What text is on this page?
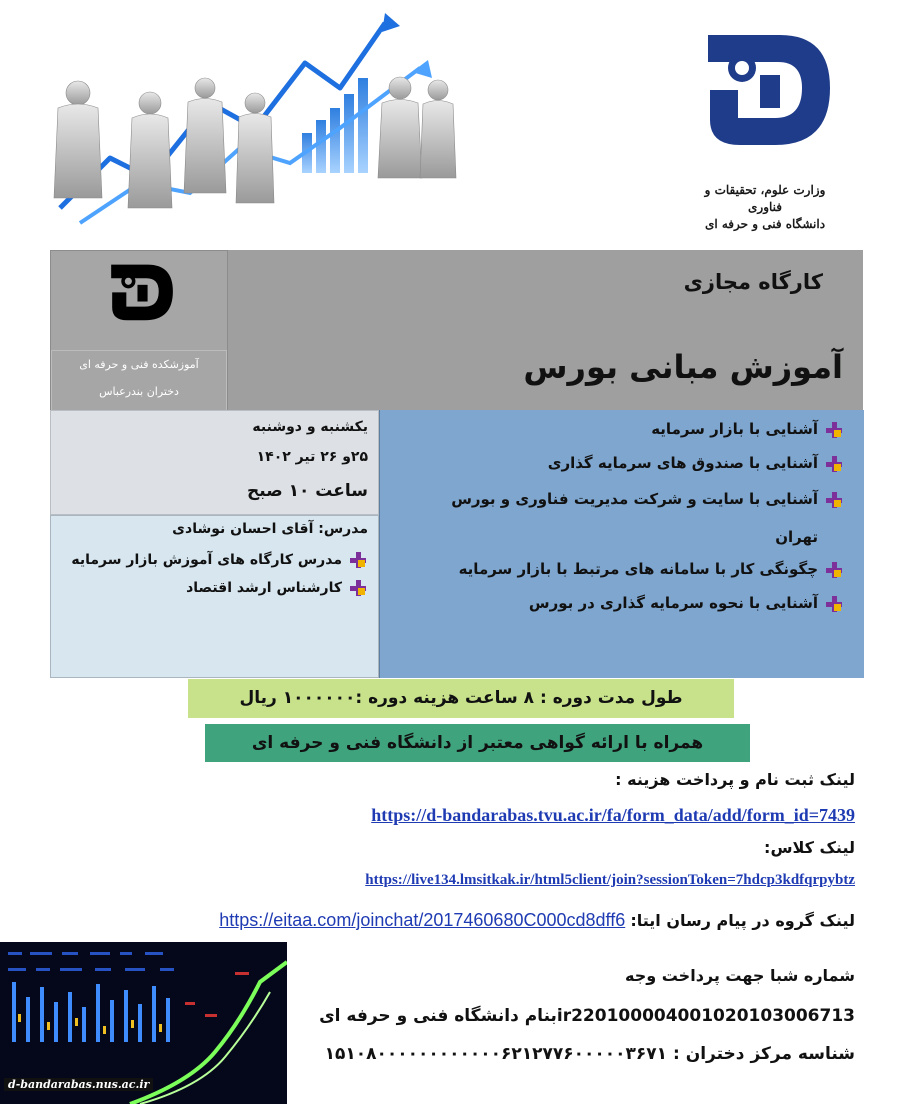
وزارت علوم، تحقیقات و فناوری
دانشگاه فنی و حرفه ای
کارگاه مجازی
آموزش مبانی بورس
آموزشکده فنی و حرفه ای
دختران بندرعباس
یکشنبه و دوشنبه
۲۵و ۲۶ تیر ۱۴۰۲
ساعت ۱۰ صبح
مدرس: آقای احسان نوشادی
مدرس کارگاه های آموزش بازار سرمایه
کارشناس ارشد اقتصاد
آشنایی با بازار سرمایه
آشنایی با صندوق های سرمایه گذاری
آشنایی با سایت و شرکت مدیریت فناوری و بورس
تهران
چگونگی کار با سامانه های مرتبط با بازار سرمایه
آشنایی با نحوه سرمایه گذاری در بورس
طول مدت دوره : ۸ ساعت هزینه دوره :۱۰۰۰۰۰۰ ریال
همراه با ارائه گواهی معتبر از دانشگاه فنی و حرفه ای
لینک ثبت نام و پرداخت هزینه :
https://d-bandarabas.tvu.ac.ir/fa/form_data/add/form_id=7439
لینک کلاس:
https://live134.lmsitkak.ir/html5client/join?sessionToken=7hdcp3kdfqrpybtz
لینک گروه در پیام رسان ایتا: https://eitaa.com/joinchat/2017460680C000cd8dff6
شماره شبا جهت پرداخت وجه
ir220100004001020103006713بنام دانشگاه فنی و حرفه ای
شناسه مرکز دختران : ۱۵۱۰۸۰۰۰۰۰۰۰۰۰۰۰۰۶۲۱۲۷۷۶۰۰۰۰۰۳۶۷۱
d-bandarabas.nus.ac.ir
